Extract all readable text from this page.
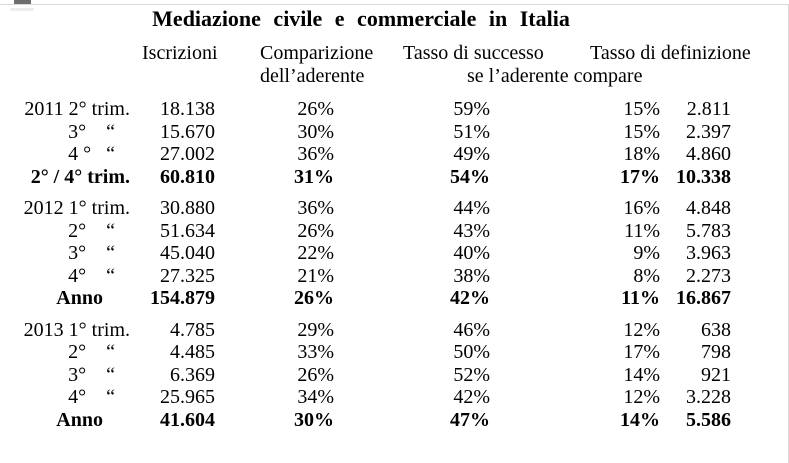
Mediazione civile e commerciale in Italia
Iscrizioni Comparizione
dell’aderente
Tasso di successo
se l’aderente compare
Tasso di definizione
2011 2° trim.	18.138	26%	59%	15%	2.811
3°    “	15.670	30%	51%	15%	2.397
4 °   “	27.002	36%	49%	18%	4.860
2° / 4° trim.	60.810	31%	54%	17% 10.338
2012 1° trim.	30.880	36%	44%	16%	4.848
2°    “	51.634	26%	43%	11%	5.783
3°    “	45.040	22%	40%	9%	3.963
4°    “	27.325	21%	38%	8%	2.273
Anno	154.879	26%	42%	11% 16.867
2013 1° trim.	4.785	29%	46%	12%	638
2°    “	4.485	33%	50%	17%	798
3°    “	6.369	26%	52%	14%	921
4°    “	25.965	34%	42%	12%	3.228
Anno	41.604	30%	47%	14%	5.586
